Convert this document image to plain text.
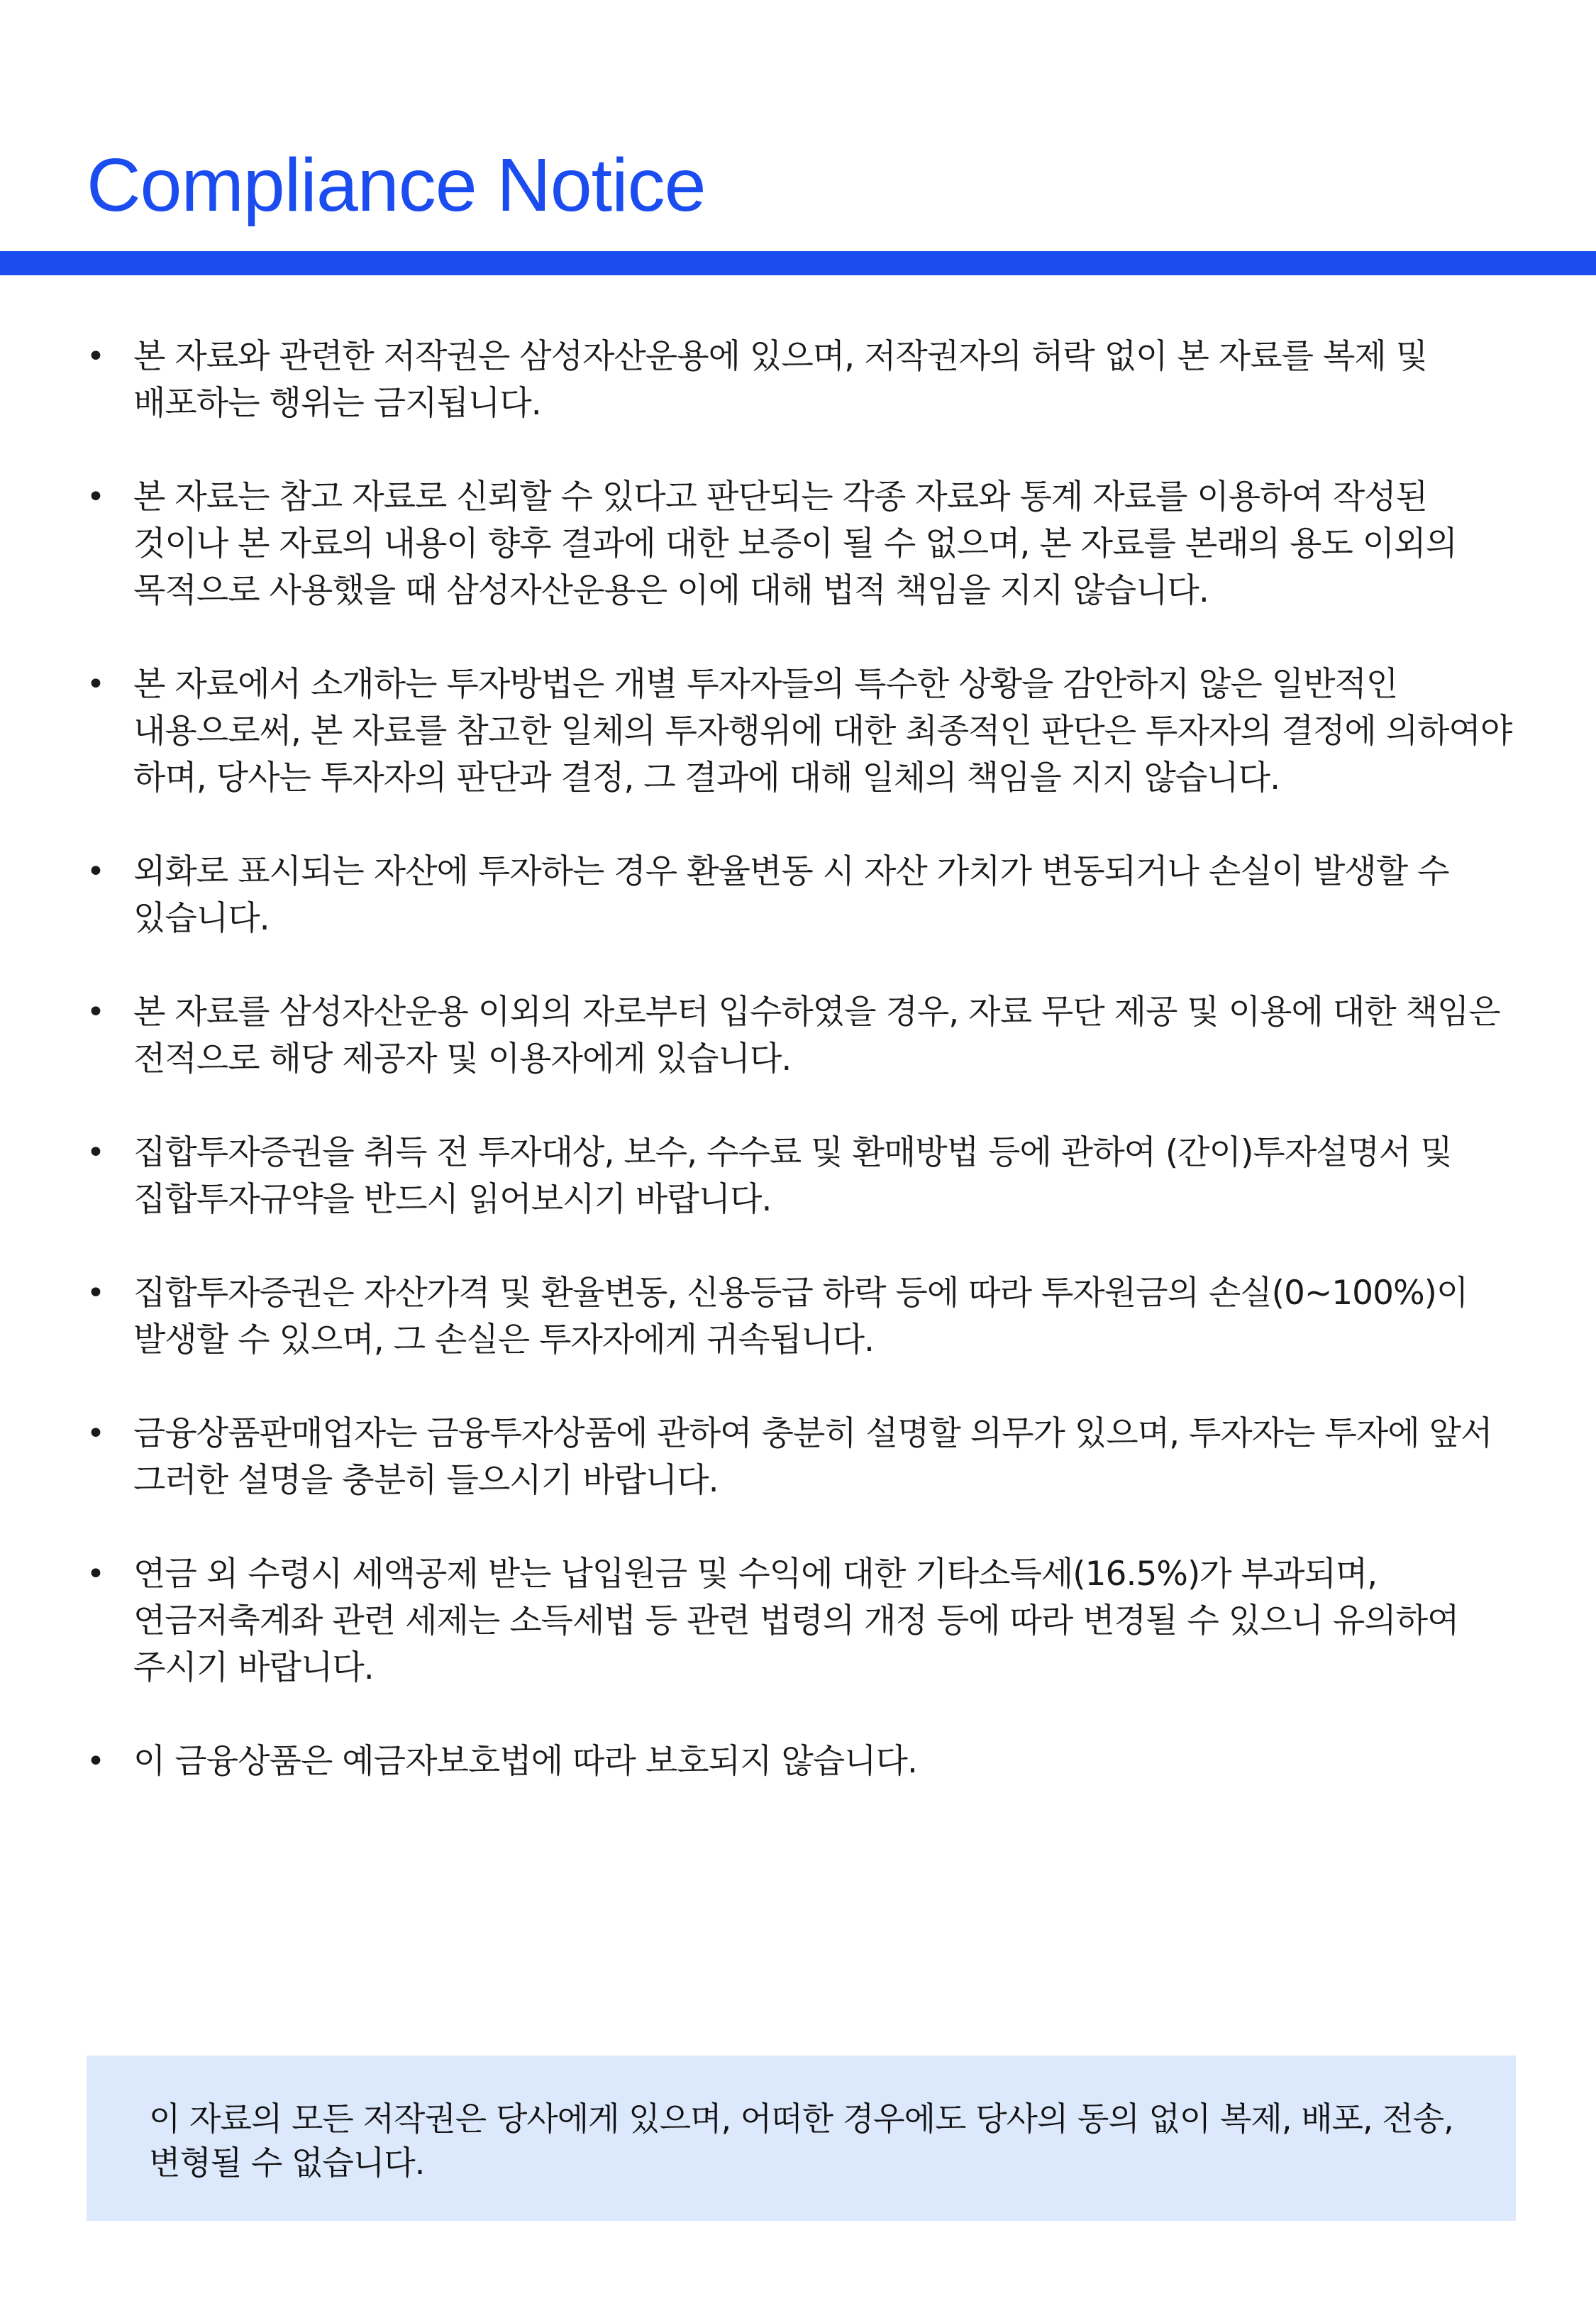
Compliance Notice
• 본 자료와 관련한 저작권은 삼성자산운용에 있으며, 저작권자의 허락 없이 본 자료를 복제 및 배포하는 행위는 금지됩니다.
• 본 자료는 참고 자료로 신뢰할 수 있다고 판단되는 각종 자료와 통계 자료를 이용하여 작성된 것이나 본 자료의 내용이 향후 결과에 대한 보증이 될 수 없으며, 본 자료를 본래의 용도 이외의 목적으로 사용했을 때 삼성자산운용은 이에 대해 법적 책임을 지지 않습니다.
• 본 자료에서 소개하는 투자방법은 개별 투자자들의 특수한 상황을 감안하지 않은 일반적인 내용으로써, 본 자료를 참고한 일체의 투자행위에 대한 최종적인 판단은 투자자의 결정에 의하여야 하며, 당사는 투자자의 판단과 결정, 그 결과에 대해 일체의 책임을 지지 않습니다.
• 외화로 표시되는 자산에 투자하는 경우 환율변동 시 자산 가치가 변동되거나 손실이 발생할 수 있습니다.
• 본 자료를 삼성자산운용 이외의 자로부터 입수하였을 경우, 자료 무단 제공 및 이용에 대한 책임은 전적으로 해당 제공자 및 이용자에게 있습니다.
• 집합투자증권을 취득 전 투자대상, 보수, 수수료 및 환매방법 등에 관하여 (간이)투자설명서 및 집합투자규약을 반드시 읽어보시기 바랍니다.
• 집합투자증권은 자산가격 및 환율변동, 신용등급 하락 등에 따라 투자원금의 손실(0~100%)이 발생할 수 있으며, 그 손실은 투자자에게 귀속됩니다.
• 금융상품판매업자는 금융투자상품에 관하여 충분히 설명할 의무가 있으며, 투자자는 투자에 앞서 그러한 설명을 충분히 들으시기 바랍니다.
• 연금 외 수령시 세액공제 받는 납입원금 및 수익에 대한 기타소득세(16.5%)가 부과되며, 연금저축계좌 관련 세제는 소득세법 등 관련 법령의 개정 등에 따라 변경될 수 있으니 유의하여 주시기 바랍니다.
• 이 금융상품은 예금자보호법에 따라 보호되지 않습니다.
이 자료의 모든 저작권은 당사에게 있으며, 어떠한 경우에도 당사의 동의 없이 복제, 배포, 전송, 변형될 수 없습니다.
